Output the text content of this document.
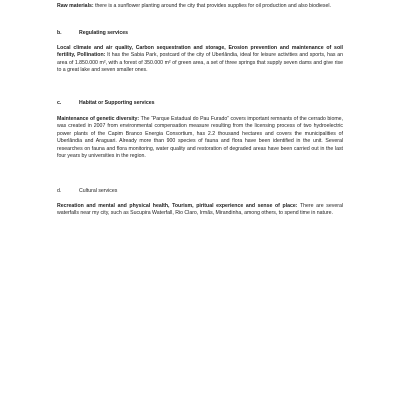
Raw materials: there is a sunflower planting around the city that provides supplies for oil production and also biodiesel.

b.	Regulating services

Local climate and air quality, Carbon sequestration and storage, Erosion prevention and maintenance of soil fertility, Pollination: It has the Sabia Park, postcard of the city of Uberlândia, ideal for leisure activities and sports, has an area of 1.850.000 m², with a forest of 350.000 m² of green area, a set of three springs that supply seven dams and give rise to a great lake and seven smaller ones.

c.	Habitat or Supporting services

Maintenance of genetic diversity: The “Parque Estadual do Pau Furado” covers important remnants of the cerrado biome, was created in 2007 from environmental compensation measure resulting from the licensing process of two hydroelectric power plants of the Capim Branco Energia Consortium, has 2.2 thousand hectares and covers the municipalities of Uberlândia and Araguari. Already more than 900 species of fauna and flora have been identified in the unit. Several researches on fauna and flora monitoring, water quality and restoration of degraded areas have been carried out in the last four years by universities in the region.

d.	Cultural services

Recreation and mental and physical health, Tourism, piritual experience and sense of place: There are several waterfalls near my city, such as Sucupira Waterfall, Rio Claro, Irmãs, Mirandinha, among others, to spend time in nature.
